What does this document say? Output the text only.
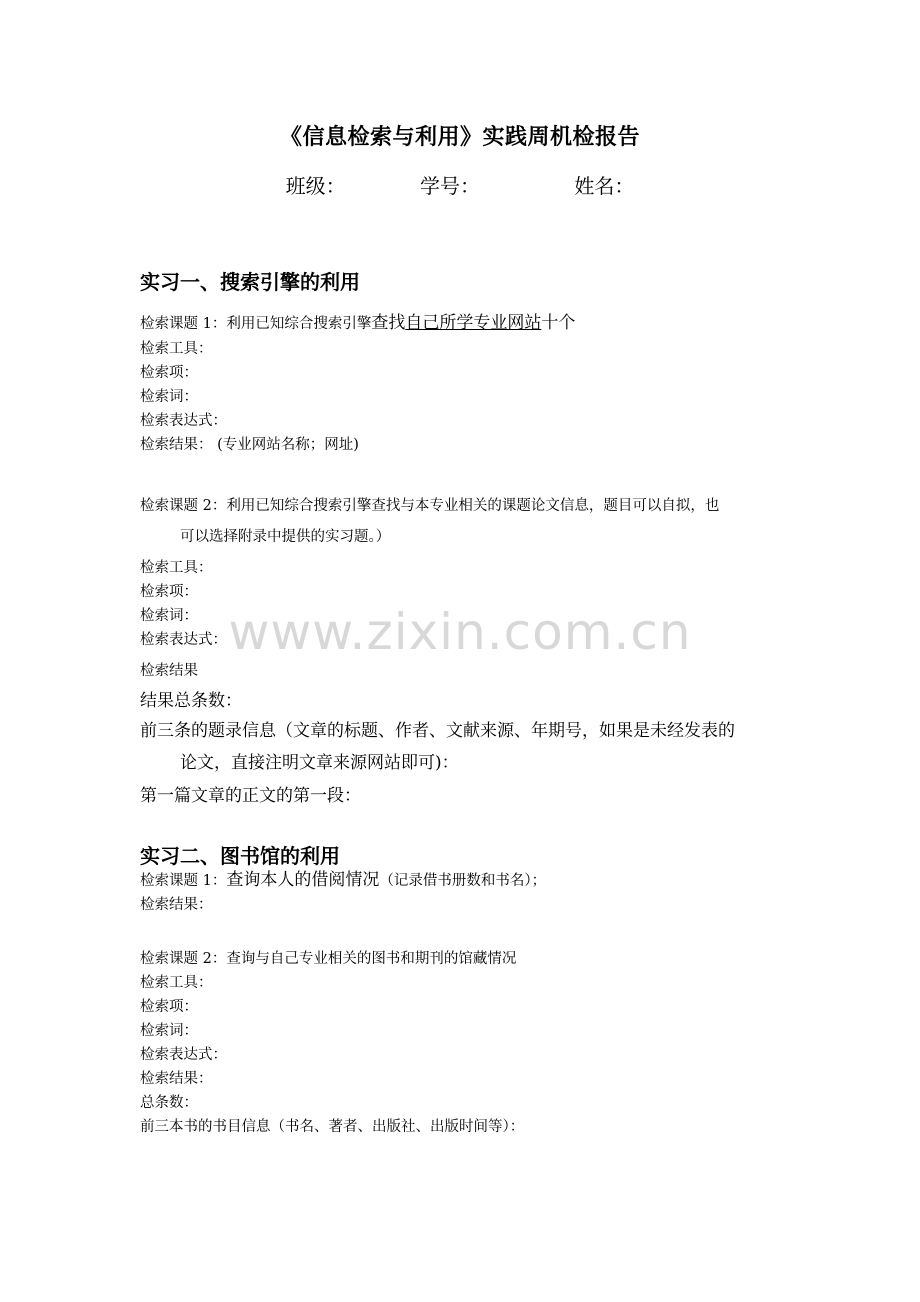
《信息检索与利用》实践周机检报告
班级：	学号：	姓名：
实习一、搜索引擎的利用
检索课题 1：利用已知综合搜索引擎查找自己所学专业网站十个
检索工具：
检索项：
检索词：
检索表达式：
检索结果： (专业网站名称；网址)
检索课题 2：利用已知综合搜索引擎查找与本专业相关的课题论文信息，题目可以自拟，也
可以选择附录中提供的实习题。）
检索工具：
检索项：
检索词：
检索表达式：
检索结果
结果总条数：
前三条的题录信息（文章的标题、作者、文献来源、年期号，如果是未经发表的
论文，直接注明文章来源网站即可)：
第一篇文章的正文的第一段：
实习二、图书馆的利用
检索课题 1：查询本人的借阅情况（记录借书册数和书名）；
检索结果：
检索课题 2：查询与自己专业相关的图书和期刊的馆藏情况
检索工具：
检索项：
检索词：
检索表达式：
检索结果：
总条数：
前三本书的书目信息（书名、著者、出版社、出版时间等）：
www.zixin.com.cn
